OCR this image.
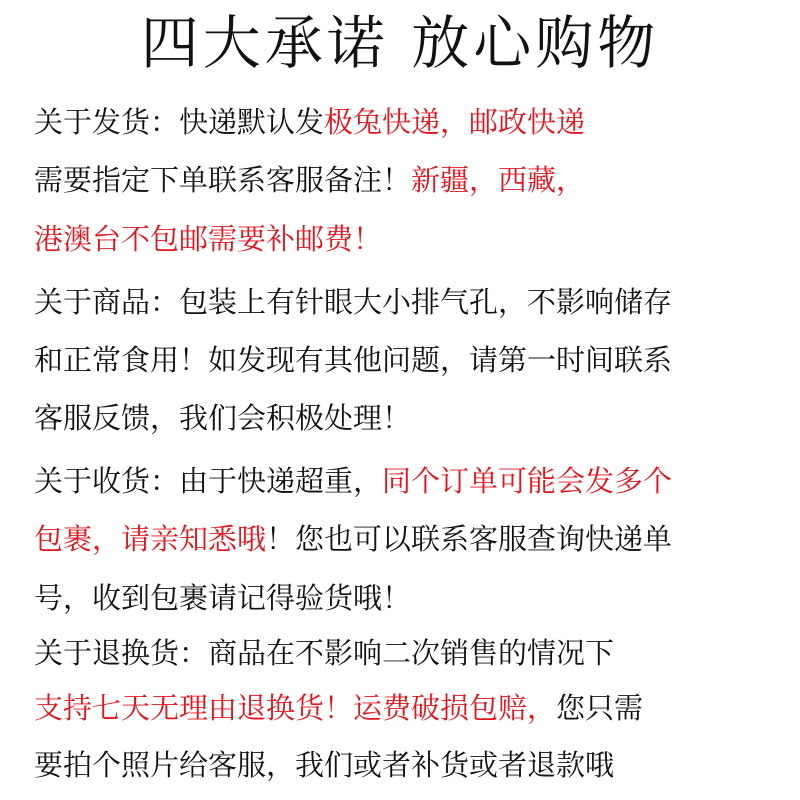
四大承诺 放心购物
关于发货：快递默认发极兔快递，邮政快递
需要指定下单联系客服备注！新疆，西藏，
港澳台不包邮需要补邮费！
关于商品：包装上有针眼大小排气孔，不影响储存
和正常食用！如发现有其他问题，请第一时间联系
客服反馈，我们会积极处理！
关于收货：由于快递超重，同个订单可能会发多个
包裹，请亲知悉哦！您也可以联系客服查询快递单
号，收到包裹请记得验货哦！
关于退换货：商品在不影响二次销售的情况下
支持七天无理由退换货！运费破损包赔，您只需
要拍个照片给客服，我们或者补货或者退款哦
